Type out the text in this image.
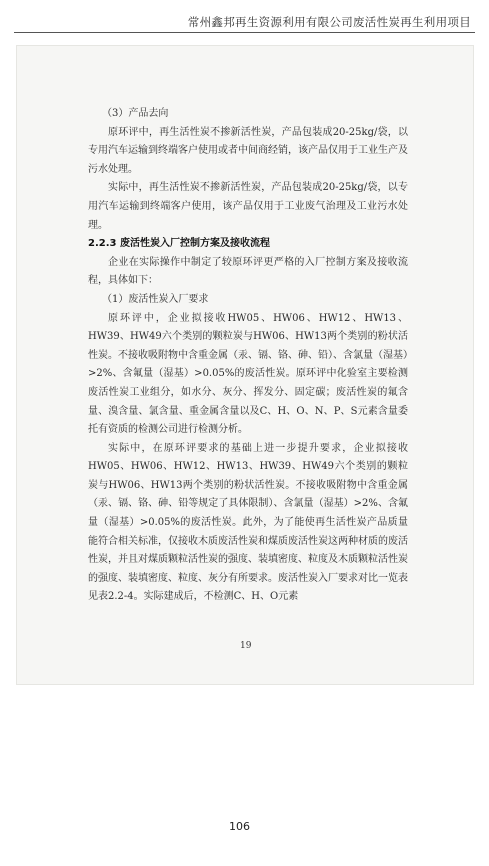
常州鑫邦再生资源利用有限公司废活性炭再生利用项目

（3）产品去向

原环评中，再生活性炭不掺新活性炭，产品包装成20-25kg/袋，以专用汽车运输到终端客户使用或者中间商经销，该产品仅用于工业生产及污水处理。

实际中，再生活性炭不掺新活性炭，产品包装成20-25kg/袋，以专用汽车运输到终端客户使用，该产品仅用于工业废气治理及工业污水处理。

2.2.3 废活性炭入厂控制方案及接收流程

企业在实际操作中制定了较原环评更严格的入厂控制方案及接收流程，具体如下：

（1）废活性炭入厂要求

原环评中，企业拟接收HW05、HW06、HW12、HW13、HW39、HW49六个类别的颗粒炭与HW06、HW13两个类别的粉状活性炭。不接收吸附物中含重金属（汞、镉、铬、砷、铅）、含氯量（湿基）>2%、含氟量（湿基）>0.05%的废活性炭。原环评中化验室主要检测废活性炭工业组分，如水分、灰分、挥发分、固定碳；废活性炭的氟含量、溴含量、氯含量、重金属含量以及C、H、O、N、P、S元素含量委托有资质的检测公司进行检测分析。

实际中，在原环评要求的基础上进一步提升要求，企业拟接收HW05、HW06、HW12、HW13、HW39、HW49六个类别的颗粒炭与HW06、HW13两个类别的粉状活性炭。不接收吸附物中含重金属（汞、镉、铬、砷、铅等规定了具体限制）、含氯量（湿基）>2%、含氟量（湿基）>0.05%的废活性炭。此外，为了能使再生活性炭产品质量能符合相关标准，仅接收木质废活性炭和煤质废活性炭这两种材质的废活性炭，并且对煤质颗粒活性炭的强度、装填密度、粒度及木质颗粒活性炭的强度、装填密度、粒度、灰分有所要求。废活性炭入厂要求对比一览表见表2.2-4。实际建成后，不检测C、H、O元素

19
106
